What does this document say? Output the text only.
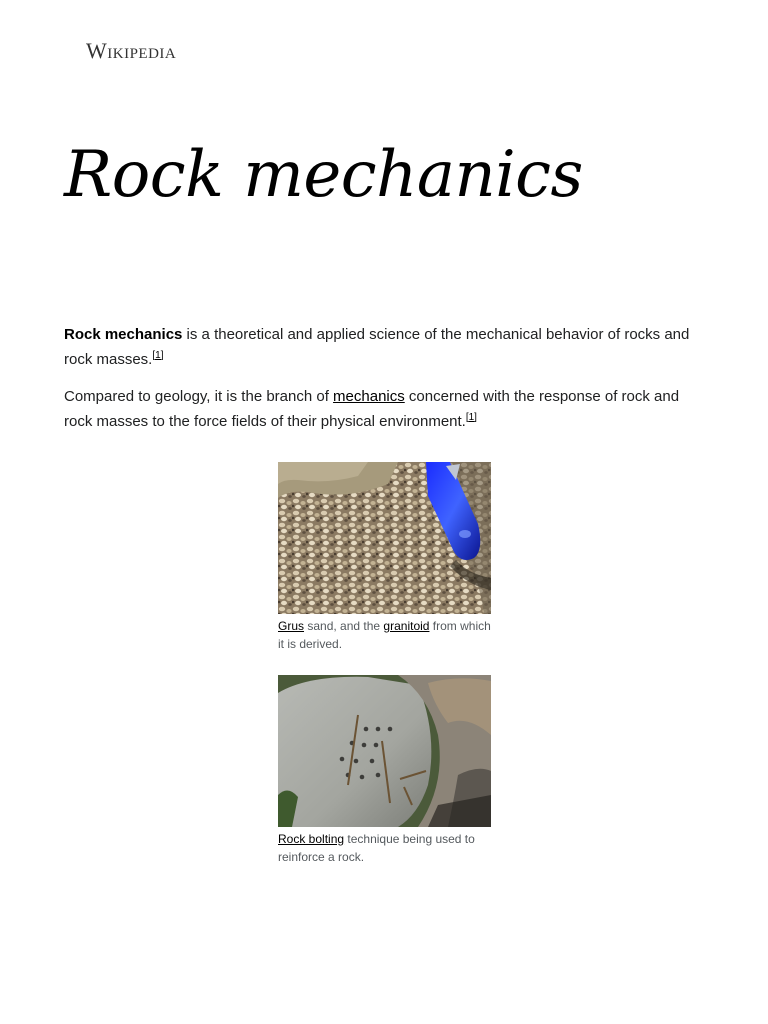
Wikipedia
Rock mechanics

Rock mechanics is a theoretical and applied science of the mechanical behavior of rocks and rock masses.[1]

Compared to geology, it is the branch of mechanics concerned with the response of rock and rock masses to the force fields of their physical environment.[1]

Grus sand, and the granitoid from which it is derived.
Rock bolting technique being used to reinforce a rock.
